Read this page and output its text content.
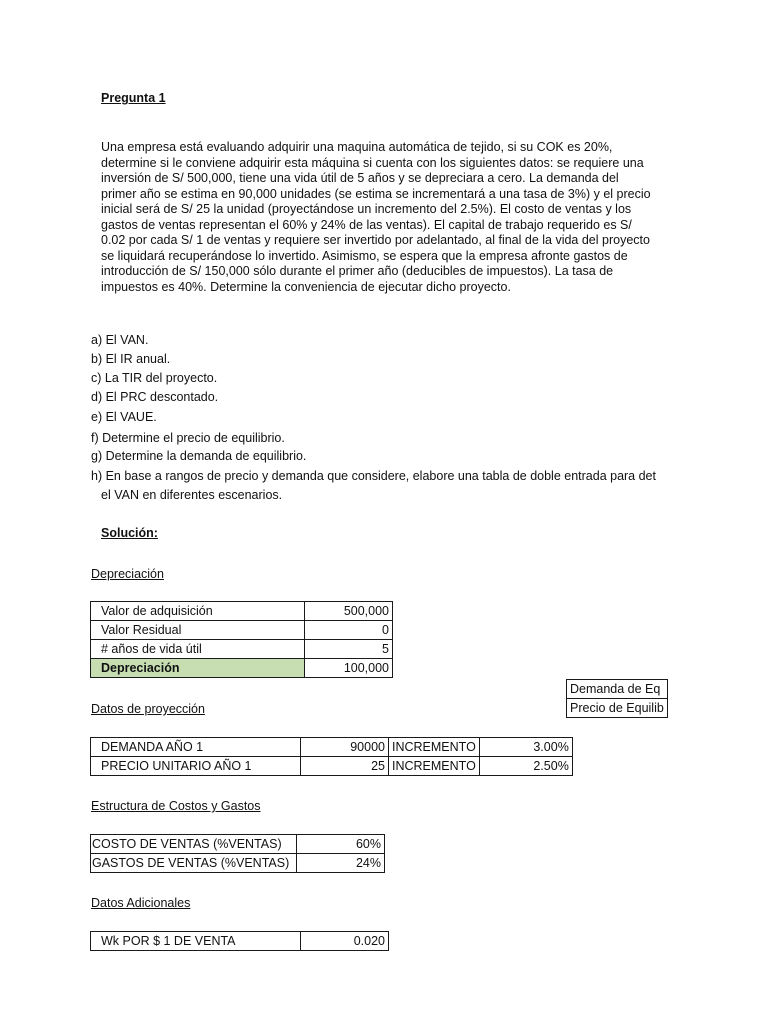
Pregunta 1
Una empresa está evaluando adquirir una maquina automática de tejido, si su COK es 20%,
determine si le conviene adquirir esta máquina si cuenta con los siguientes datos: se requiere una
inversión de S/ 500,000, tiene una vida útil de 5 años y se depreciara a cero. La demanda del
primer año se estima en 90,000 unidades (se estima se incrementará a una tasa de 3%) y el precio
inicial será de S/ 25 la unidad (proyectándose un incremento del 2.5%). El costo de ventas y los
gastos de ventas representan el 60% y 24% de las ventas). El capital de trabajo requerido es S/
0.02 por cada S/ 1 de ventas y requiere ser invertido por adelantado, al final de la vida del proyecto
se liquidará recuperándose lo invertido. Asimismo, se espera que la empresa afronte gastos de
introducción de S/ 150,000 sólo durante el primer año (deducibles de impuestos). La tasa de
impuestos es 40%. Determine la conveniencia de ejecutar dicho proyecto.
a) El VAN.
b) El IR anual.
c) La TIR del proyecto.
d) El PRC descontado.
e) El VAUE.
f) Determine el precio de equilibrio.
g) Determine la demanda de equilibrio.
h) En base a rangos de precio y demanda que considere, elabore una tabla de doble entrada para det
el VAN en diferentes escenarios.
Solución:
Depreciación
Valor de adquisición	500,000
Valor Residual	0
# años de vida útil	5
Depreciación	100,000
Demanda de Eq
Precio de Equilib
Datos de proyección
DEMANDA AÑO 1	90000	INCREMENTO	3.00%
PRECIO UNITARIO AÑO 1	25	INCREMENTO	2.50%
Estructura de Costos y Gastos
COSTO DE VENTAS (%VENTAS)	60%
GASTOS DE VENTAS (%VENTAS)	24%
Datos Adicionales
Wk POR $ 1 DE VENTA	0.020
